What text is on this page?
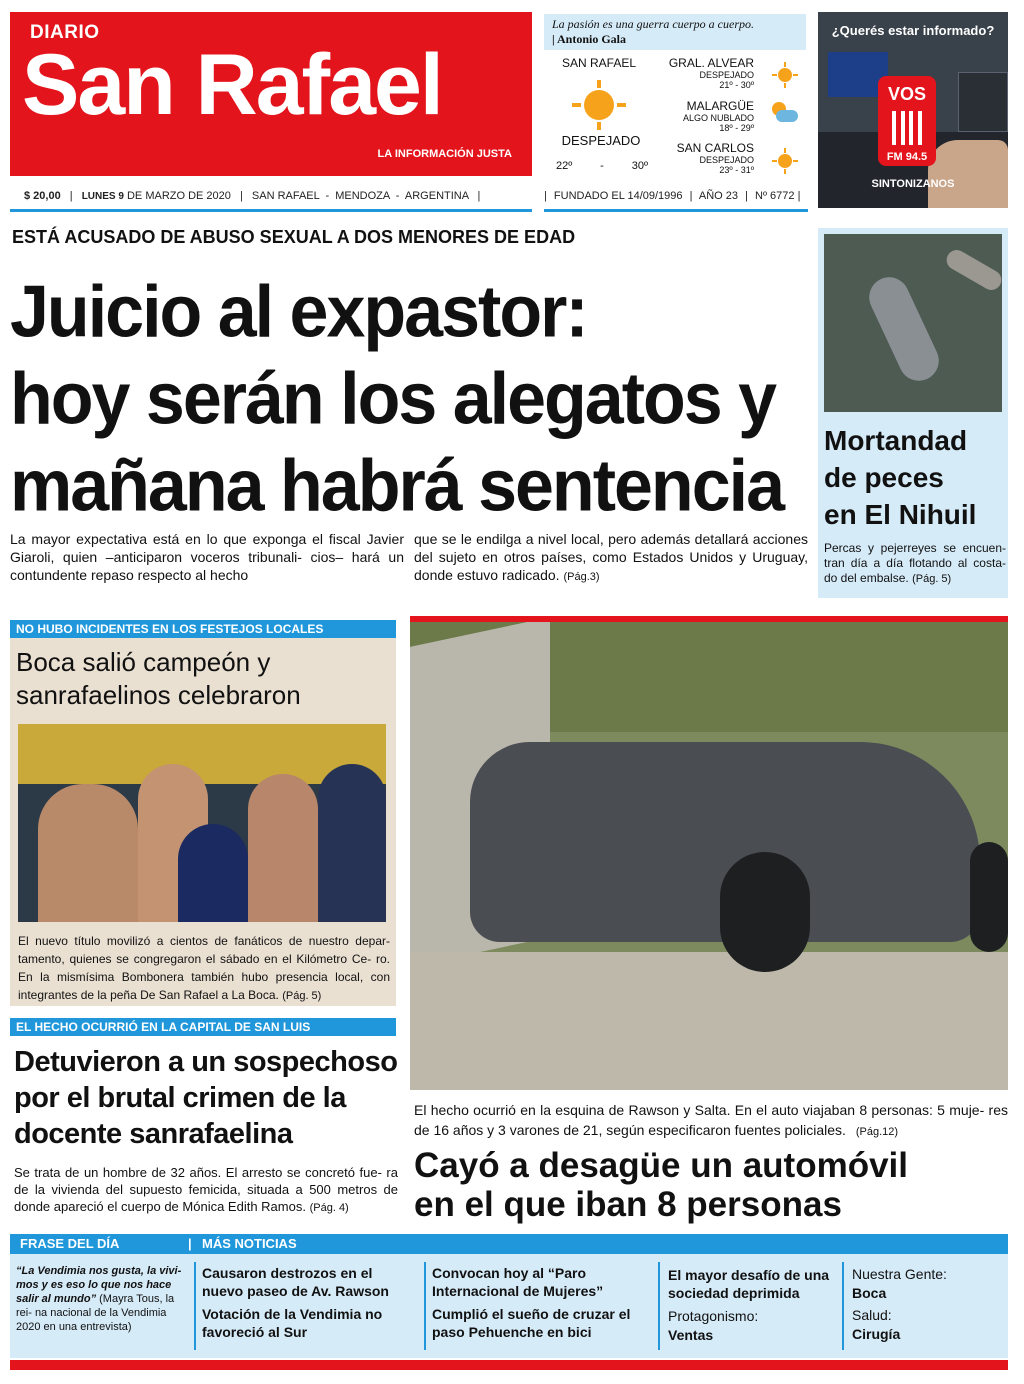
DIARIO
San Rafael
LA INFORMACIÓN JUSTA
La pasión es una guerra cuerpo a cuerpo.
| Antonio Gala
SAN RAFAEL
DESPEJADO
22º	-	30º
GRAL. ALVEAR
DESPEJADO
21º - 30º
MALARGÜE
ALGO NUBLADO
18º - 29º
SAN CARLOS
DESPEJADO
23º - 31º
¿Querés estar informado?
VOS
FM 94.5
SINTONIZANOS
$ 20,00 | LUNES 9 DE MARZO DE 2020 | SAN RAFAEL  -  MENDOZA  -  ARGENTINA |	| FUNDADO EL 14/09/1996 | AÑO 23 | Nº 6772 |
ESTÁ ACUSADO DE ABUSO SEXUAL A DOS MENORES DE EDAD
Juicio al expastor:
hoy serán los alegatos y
mañana habrá sentencia
La mayor expectativa está en lo que exponga el fiscal Javier Giaroli, quien –anticiparon voceros tribunali- cios– hará un contundente repaso respecto al hecho
que se le endilga a nivel local, pero además detallará acciones del sujeto en otros países, como Estados Unidos y Uruguay, donde estuvo radicado. (Pág.3)
Mortandad
de peces
en El Nihuil
Percas y pejerreyes se encuen- tran día a día flotando al costa- do del embalse. (Pág. 5)
NO HUBO INCIDENTES EN LOS FESTEJOS LOCALES
Boca salió campeón y
sanrafaelinos celebraron
El nuevo título movilizó a cientos de fanáticos de nuestro depar- tamento, quienes se congregaron el sábado en el Kilómetro Ce- ro. En la mismísima Bombonera también hubo presencia local, con integrantes de la peña De San Rafael a La Boca. (Pág. 5)
El hecho ocurrió en la esquina de Rawson y Salta. En el auto viajaban 8 personas: 5 muje- res de 16 años y 3 varones de 21, según especificaron fuentes policiales. (Pág.12)
Cayó a desagüe un automóvil
en el que iban 8 personas
EL HECHO OCURRIÓ EN LA CAPITAL DE SAN LUIS
Detuvieron a un sospechoso
por el brutal crimen de la
docente sanrafaelina
Se trata de un hombre de 32 años. El arresto se concretó fue- ra de la vivienda del supuesto femicida, situada a 500 metros de donde apareció el cuerpo de Mónica Edith Ramos. (Pág. 4)
FRASE DEL DÍA	| MÁS NOTICIAS
“La Vendimia nos gusta, la vivi- mos y es eso lo que nos hace salir al mundo” (Mayra Tous, la rei- na nacional de la Vendimia 2020 en una entrevista)
Causaron destrozos en el nuevo paseo de Av. Rawson
Votación de la Vendimia no favoreció al Sur
Convocan hoy al “Paro Internacional de Mujeres”
Cumplió el sueño de cruzar el paso Pehuenche en bici
El mayor desafío de una sociedad deprimida
Protagonismo:
Ventas
Nuestra Gente:
Boca
Salud:
Cirugía
